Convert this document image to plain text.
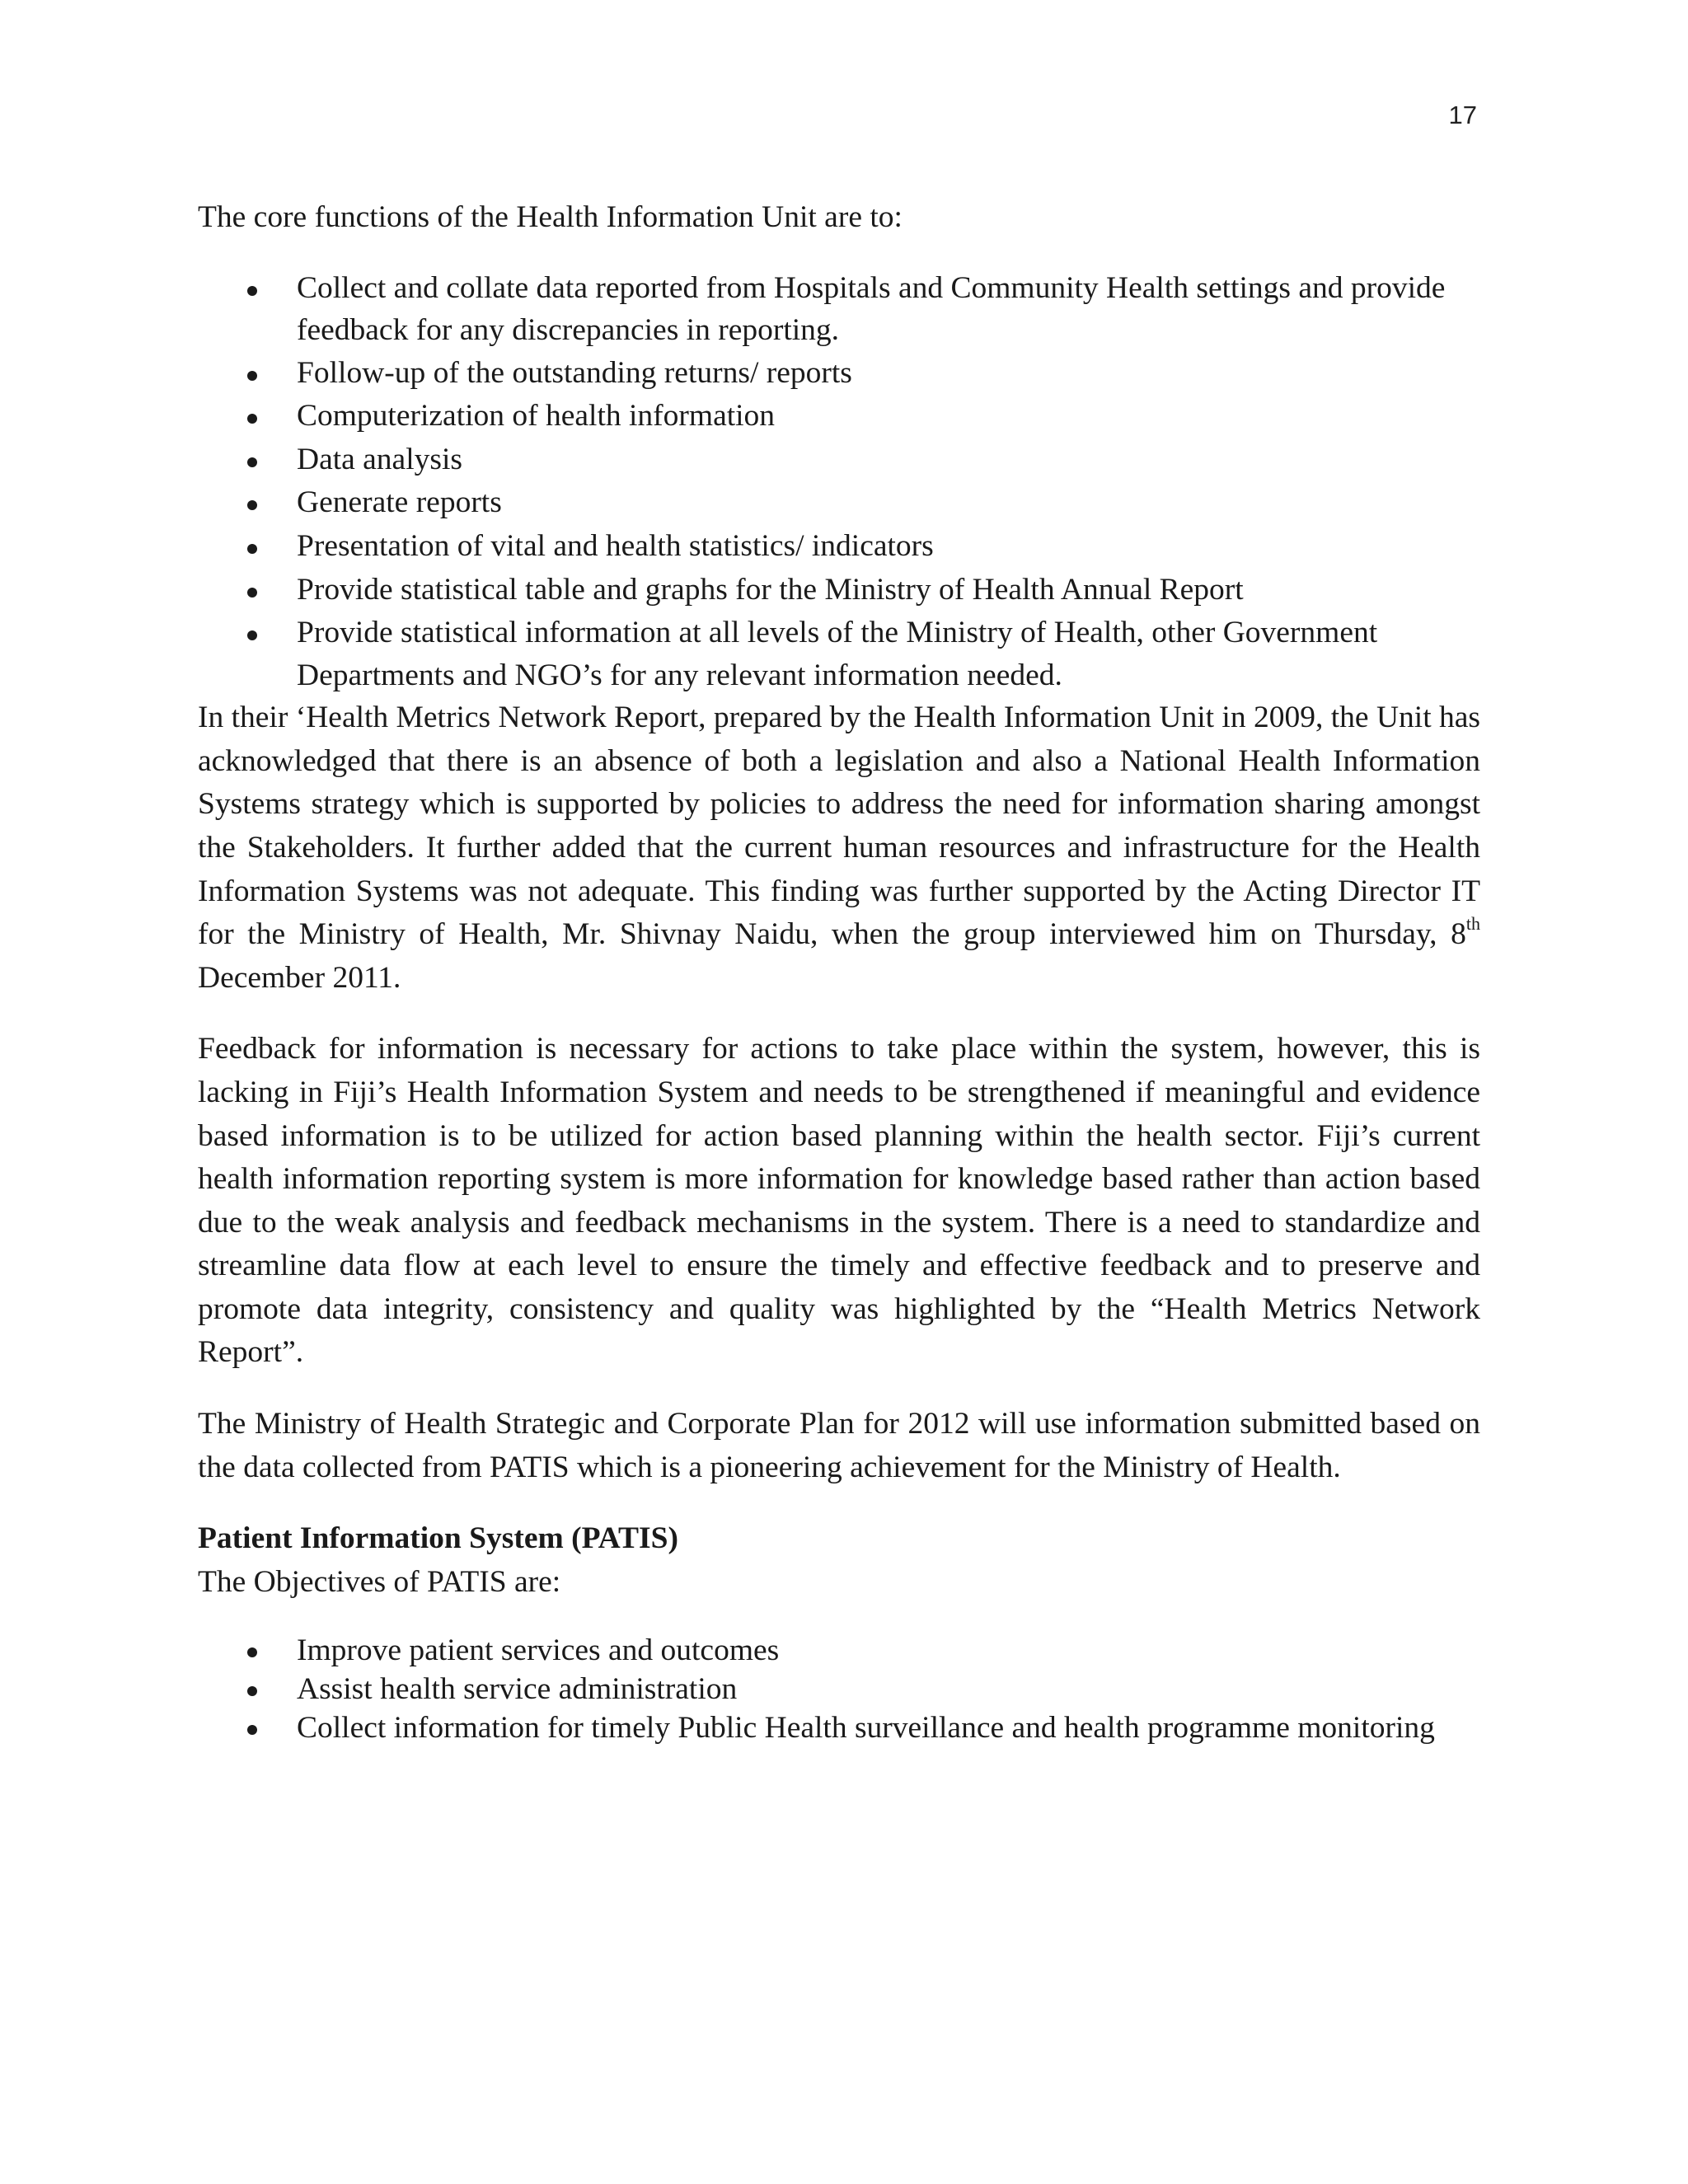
17

The core functions of the Health Information Unit are to:

Collect and collate data reported from Hospitals and Community Health settings and provide feedback for any discrepancies in reporting.
Follow-up of the outstanding returns/ reports
Computerization of health information
Data analysis
Generate reports
Presentation of vital and health statistics/ indicators
Provide statistical table and graphs for the Ministry of Health Annual Report
Provide statistical information at all levels of the Ministry of Health, other Government Departments and NGO’s for any relevant information needed.

In their ‘Health Metrics Network Report, prepared by the Health Information Unit in 2009, the Unit has acknowledged that there is an absence of both a legislation and also a National Health Information Systems strategy which is supported by policies to address the need for information sharing amongst the Stakeholders. It further added that the current human resources and infrastructure for the Health Information Systems was not adequate. This finding was further supported by the Acting Director IT for the Ministry of Health, Mr. Shivnay Naidu, when the group interviewed him on Thursday, 8th December 2011.

Feedback for information is necessary for actions to take place within the system, however, this is lacking in Fiji’s Health Information System and needs to be strengthened if meaningful and evidence based information is to be utilized for action based planning within the health sector. Fiji’s current health information reporting system is more information for knowledge based rather than action based due to the weak analysis and feedback mechanisms in the system. There is a need to standardize and streamline data flow at each level to ensure the timely and effective feedback and to preserve and promote data integrity, consistency and quality was highlighted by the “Health Metrics Network Report”.

The Ministry of Health Strategic and Corporate Plan for 2012 will use information submitted based on the data collected from PATIS which is a pioneering achievement for the Ministry of Health.

Patient Information System (PATIS)

The Objectives of PATIS are:

Improve patient services and outcomes
Assist health service administration
Collect information for timely Public Health surveillance and health programme monitoring
